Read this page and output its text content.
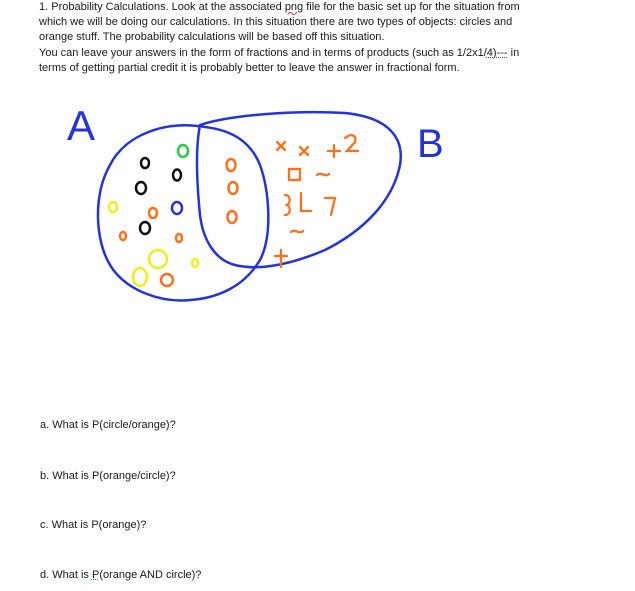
1. Probability Calculations. Look at the associated png file for the basic set up for the situation from

which we will be doing our calculations. In this situation there are two types of objects: circles and

orange stuff. The probability calculations will be based off this situation.

You can leave your answers in the form of fractions and in terms of products (such as 1/2x1/4)--- in

terms of getting partial credit it is probably better to leave the answer in fractional form.

A	B
a. What is P(circle/orange)?
b. What is P(orange/circle)?
c. What is P(orange)?
d. What is P(orange AND circle)?
